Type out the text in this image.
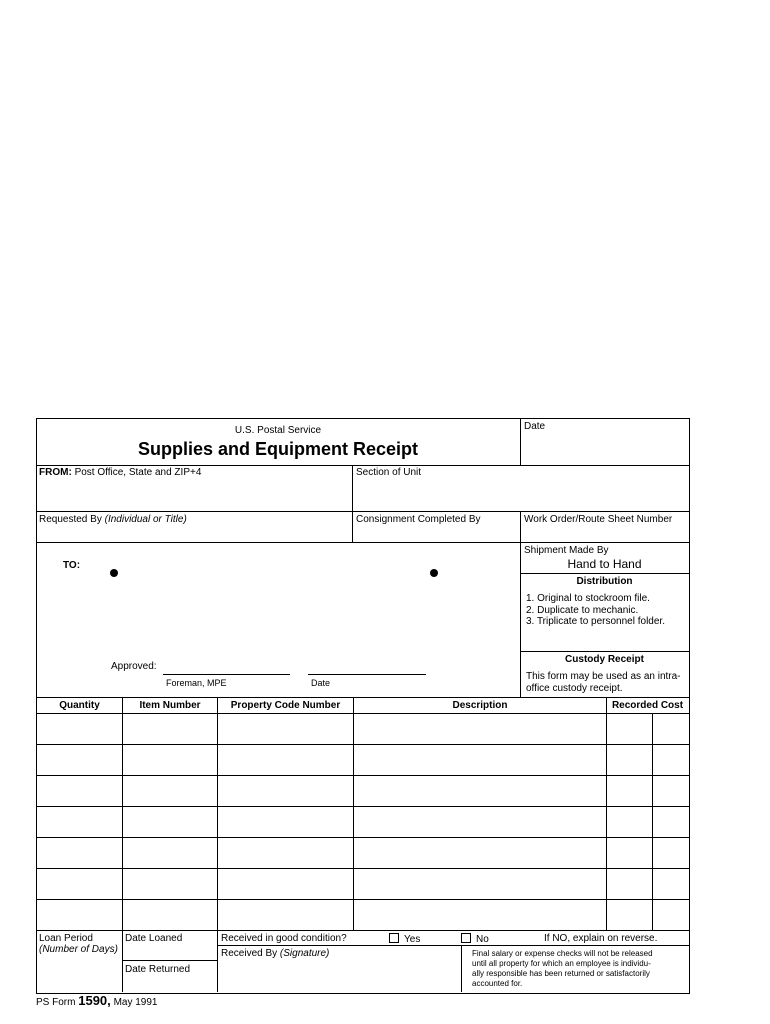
U.S. Postal Service
Supplies and Equipment Receipt
Date
FROM: Post Office, State and ZIP+4	Section of Unit
Requested By (Individual or Title)	Consignment Completed By	Work Order/Route Sheet Number
TO:
Approved:
Foreman, MPE	Date
Shipment Made By
Hand to Hand
Distribution
1. Original to stockroom file.
2. Duplicate to mechanic.
3. Triplicate to personnel folder.
Custody Receipt
This form may be used as an intra-
office custody receipt.
Quantity	Item Number	Property Code Number	Description	Recorded Cost
Loan Period
(Number of Days)
Date Loaned
Date Returned
Received in good condition?	Yes	No	If NO, explain on reverse.
Received By (Signature)	Final salary or expense checks will not be released
until all property for which an employee is individu-
ally responsible has been returned or satisfactorily
accounted for.
PS Form 1590, May 1991
